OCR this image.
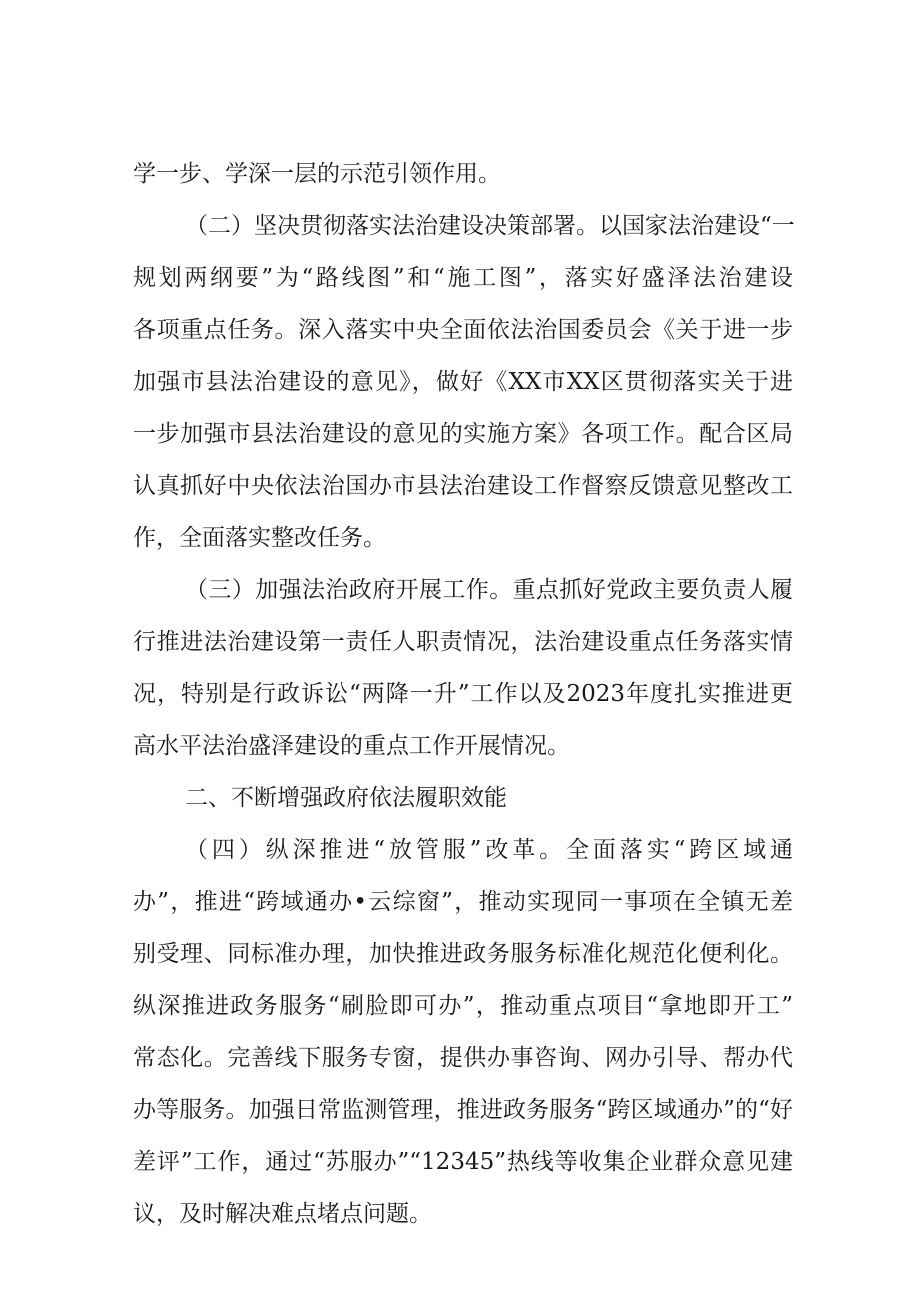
学一步、学深一层的示范引领作用。

（二）坚决贯彻落实法治建设决策部署。以国家法治建设“一

规划两纲要”为“路线图”和“施工图”，落实好盛泽法治建设

各项重点任务。深入落实中央全面依法治国委员会《关于进一步

加强市县法治建设的意见》，做好《XX市XX区贯彻落实关于进

一步加强市县法治建设的意见的实施方案》各项工作。配合区局

认真抓好中央依法治国办市县法治建设工作督察反馈意见整改工

作，全面落实整改任务。

（三）加强法治政府开展工作。重点抓好党政主要负责人履

行推进法治建设第一责任人职责情况，法治建设重点任务落实情

况，特别是行政诉讼“两降一升”工作以及2023年度扎实推进更

高水平法治盛泽建设的重点工作开展情况。

二、不断增强政府依法履职效能

（四）纵深推进“放管服”改革。全面落实“跨区域通

办”，推进“跨域通办•云综窗”，推动实现同一事项在全镇无差

别受理、同标准办理，加快推进政务服务标准化规范化便利化。

纵深推进政务服务“刷脸即可办”，推动重点项目“拿地即开工”

常态化。完善线下服务专窗，提供办事咨询、网办引导、帮办代

办等服务。加强日常监测管理，推进政务服务“跨区域通办”的“好

差评”工作，通过“苏服办”“12345”热线等收集企业群众意见建

议，及时解决难点堵点问题。
